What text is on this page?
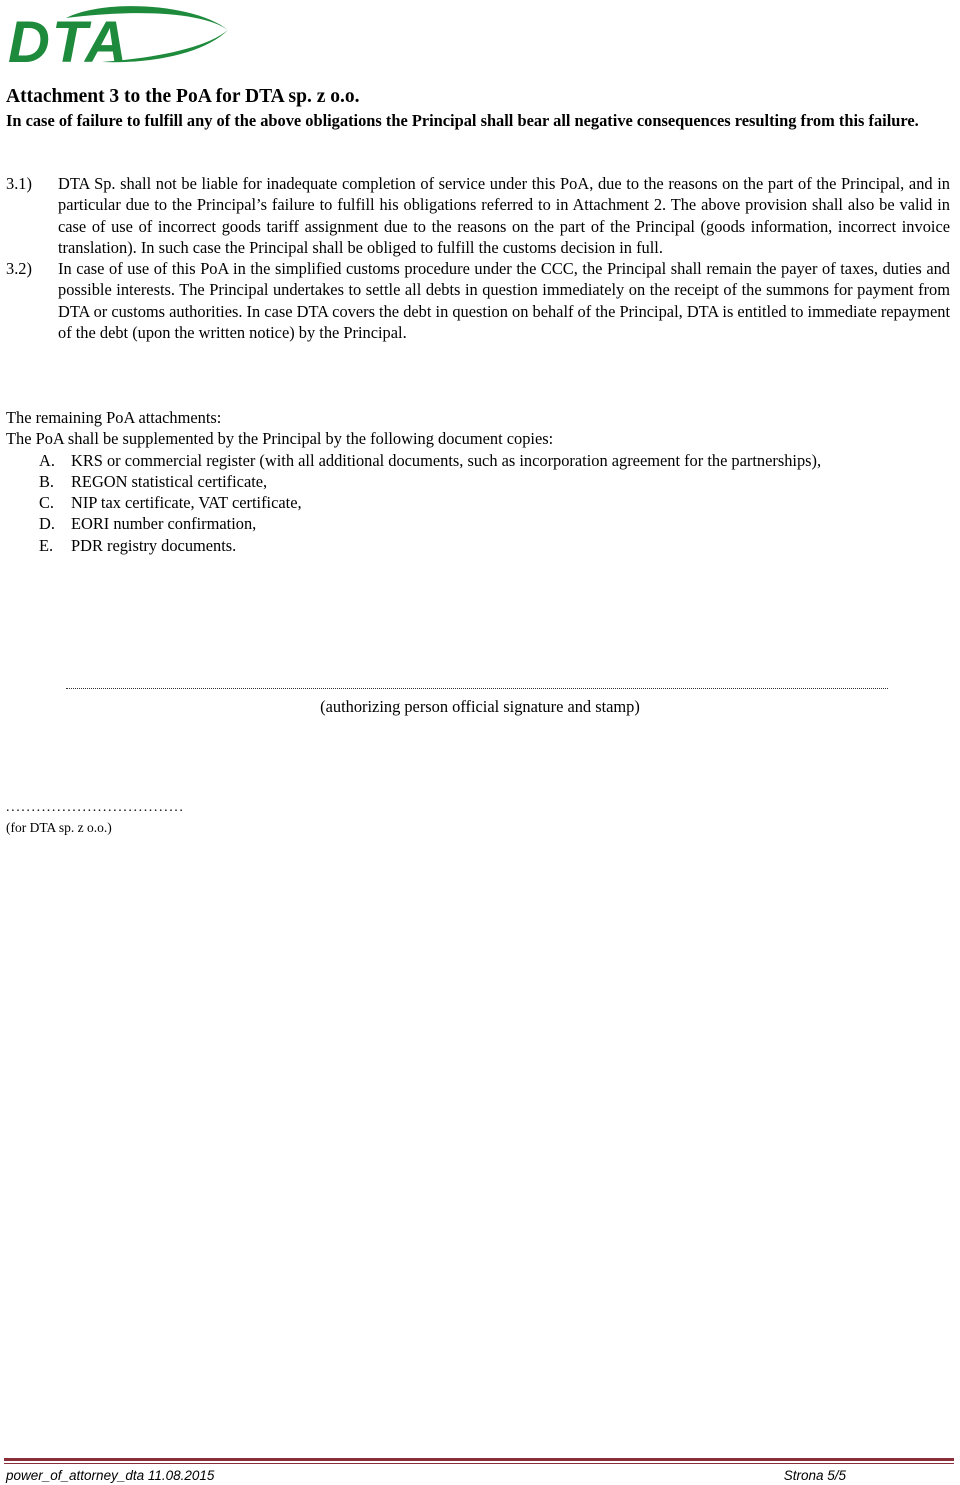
DTA
Attachment 3 to the PoA for DTA sp. z o.o.
In case of failure to fulfill any of the above obligations the Principal shall bear all negative consequences resulting from this failure.
3.1)	DTA Sp. shall not be liable for inadequate completion of service under this PoA, due to the reasons on the part of the Principal, and in particular due to the Principal’s failure to fulfill his obligations referred to in Attachment 2. The above provision shall also be valid in case of use of incorrect goods tariff assignment due to the reasons on the part of the Principal (goods information, incorrect invoice translation). In such case the Principal shall be obliged to fulfill the customs decision in full.
3.2)	In case of use of this PoA in the simplified customs procedure under the CCC, the Principal shall remain the payer of taxes, duties and possible interests. The Principal undertakes to settle all debts in question immediately on the receipt of the summons for payment from DTA or customs authorities. In case DTA covers the debt in question on behalf of the Principal, DTA is entitled to immediate repayment of the debt (upon the written notice) by the Principal.
The remaining PoA attachments:
The PoA shall be supplemented by the Principal by the following document copies:
A. KRS or commercial register (with all additional documents, such as incorporation agreement for the partnerships),
B.	REGON statistical certificate,
C.	NIP tax certificate, VAT certificate,
D. EORI number confirmation,
E.	PDR registry documents.
(authorizing person official signature and stamp)
...................................
(for DTA sp. z o.o.)
power_of_attorney_dta 11.08.2015	Strona 5/5
